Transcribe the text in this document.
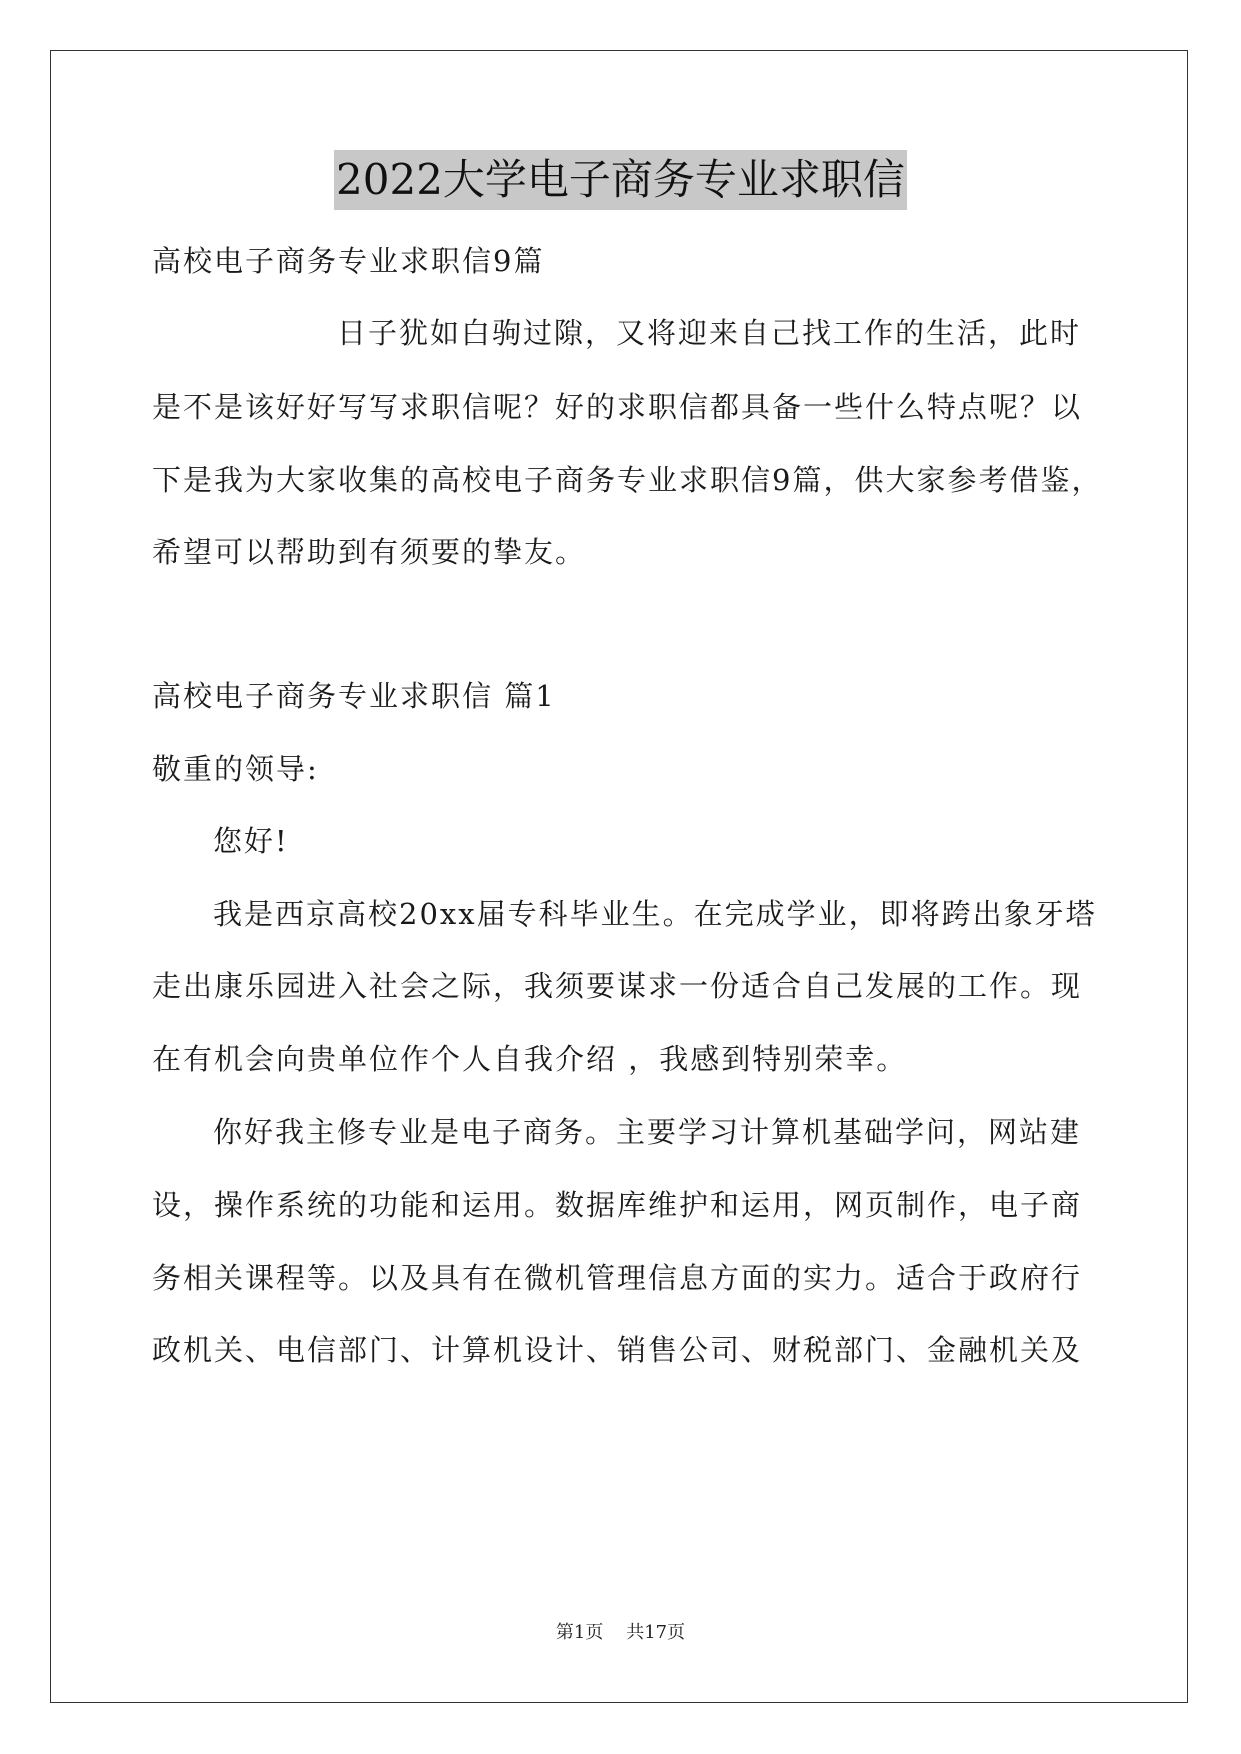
2022大学电子商务专业求职信
高校电子商务专业求职信9篇
日子犹如白驹过隙，又将迎来自己找工作的生活，此时
是不是该好好写写求职信呢？好的求职信都具备一些什么特点呢？以
下是我为大家收集的高校电子商务专业求职信9篇，供大家参考借鉴，
希望可以帮助到有须要的挚友。
高校电子商务专业求职信 篇1
敬重的领导:
您好!
我是西京高校20xx届专科毕业生。在完成学业，即将跨出象牙塔
走出康乐园进入社会之际，我须要谋求一份适合自己发展的工作。现
在有机会向贵单位作个人自我介绍 ，我感到特别荣幸。
你好我主修专业是电子商务。主要学习计算机基础学问，网站建
设，操作系统的功能和运用。数据库维护和运用，网页制作，电子商
务相关课程等。以及具有在微机管理信息方面的实力。适合于政府行
政机关、电信部门、计算机设计、销售公司、财税部门、金融机关及
第1页    共17页
